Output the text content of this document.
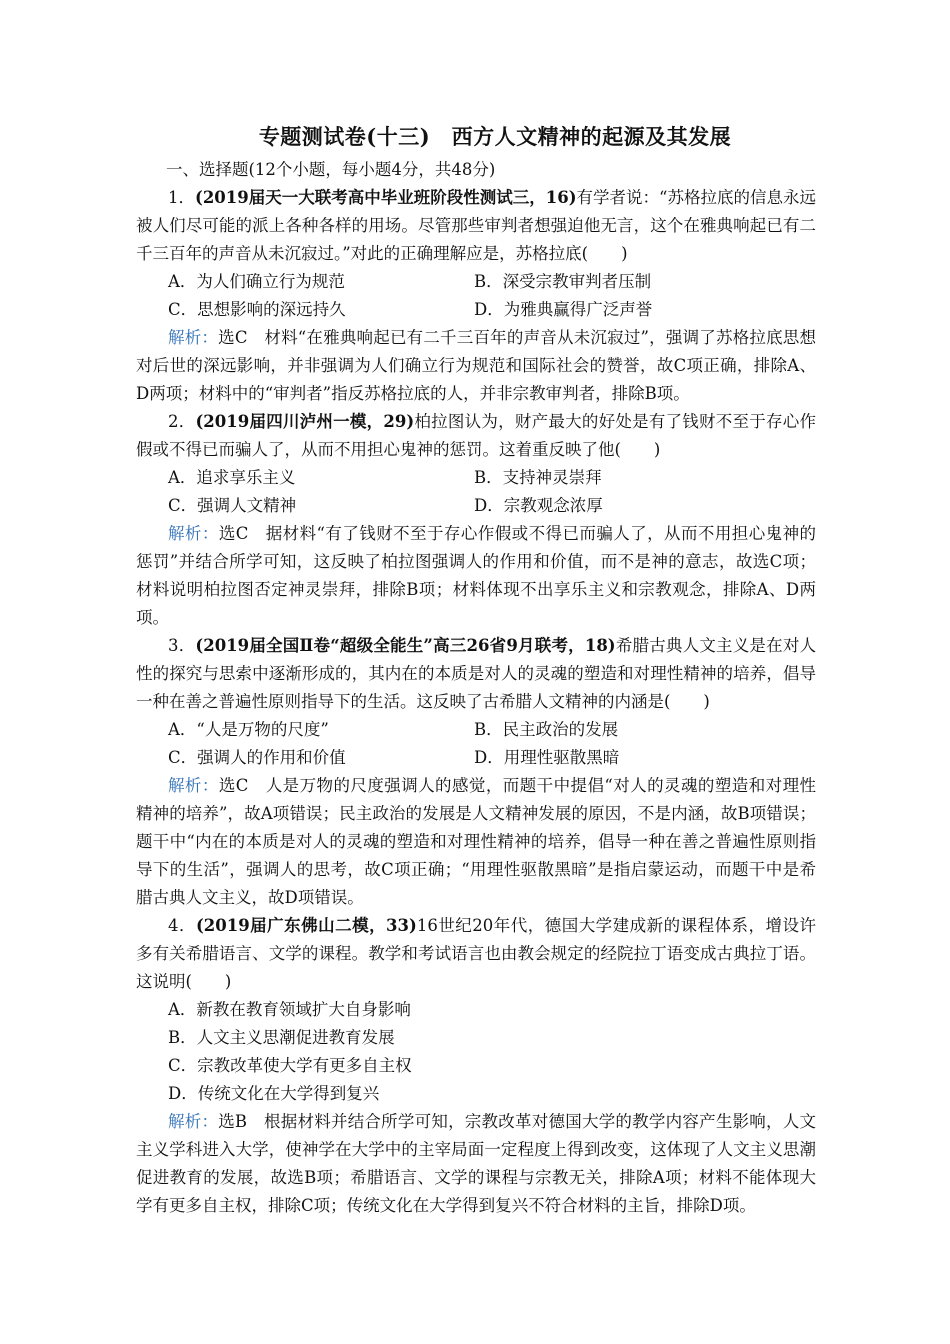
专题测试卷(十三)　西方人文精神的起源及其发展

一、选择题(12个小题，每小题4分，共48分)

1．(2019届天一大联考高中毕业班阶段性测试三，16)有学者说：“苏格拉底的信息永远被人们尽可能的派上各种各样的用场。尽管那些审判者想强迫他无言，这个在雅典响起已有二千三百年的声音从未沉寂过。”对此的正确理解应是，苏格拉底(　　)

A．为人们确立行为规范	B．深受宗教审判者压制
C．思想影响的深远持久	D．为雅典赢得广泛声誉

解析：选C　材料“在雅典响起已有二千三百年的声音从未沉寂过”，强调了苏格拉底思想对后世的深远影响，并非强调为人们确立行为规范和国际社会的赞誉，故C项正确，排除A、D两项；材料中的“审判者”指反苏格拉底的人，并非宗教审判者，排除B项。

2．(2019届四川泸州一模，29)柏拉图认为，财产最大的好处是有了钱财不至于存心作假或不得已而骗人了，从而不用担心鬼神的惩罚。这着重反映了他(　　)

A．追求享乐主义	B．支持神灵崇拜
C．强调人文精神	D．宗教观念浓厚

解析：选C　据材料“有了钱财不至于存心作假或不得已而骗人了，从而不用担心鬼神的惩罚”并结合所学可知，这反映了柏拉图强调人的作用和价值，而不是神的意志，故选C项；材料说明柏拉图否定神灵崇拜，排除B项；材料体现不出享乐主义和宗教观念，排除A、D两项。

3．(2019届全国Ⅱ卷“超级全能生”高三26省9月联考，18)希腊古典人文主义是在对人性的探究与思索中逐渐形成的，其内在的本质是对人的灵魂的塑造和对理性精神的培养，倡导一种在善之普遍性原则指导下的生活。这反映了古希腊人文精神的内涵是(　　)

A．“人是万物的尺度”	B．民主政治的发展
C．强调人的作用和价值	D．用理性驱散黑暗

解析：选C　人是万物的尺度强调人的感觉，而题干中提倡“对人的灵魂的塑造和对理性精神的培养”，故A项错误；民主政治的发展是人文精神发展的原因，不是内涵，故B项错误；题干中“内在的本质是对人的灵魂的塑造和对理性精神的培养，倡导一种在善之普遍性原则指导下的生活”，强调人的思考，故C项正确；“用理性驱散黑暗”是指启蒙运动，而题干中是希腊古典人文主义，故D项错误。

4．(2019届广东佛山二模，33)16世纪20年代，德国大学建成新的课程体系，增设许多有关希腊语言、文学的课程。教学和考试语言也由教会规定的经院拉丁语变成古典拉丁语。这说明(　　)

A．新教在教育领域扩大自身影响

B．人文主义思潮促进教育发展

C．宗教改革使大学有更多自主权

D．传统文化在大学得到复兴

解析：选B　根据材料并结合所学可知，宗教改革对德国大学的教学内容产生影响，人文主义学科进入大学，使神学在大学中的主宰局面一定程度上得到改变，这体现了人文主义思潮促进教育的发展，故选B项；希腊语言、文学的课程与宗教无关，排除A项；材料不能体现大学有更多自主权，排除C项；传统文化在大学得到复兴不符合材料的主旨，排除D项。
